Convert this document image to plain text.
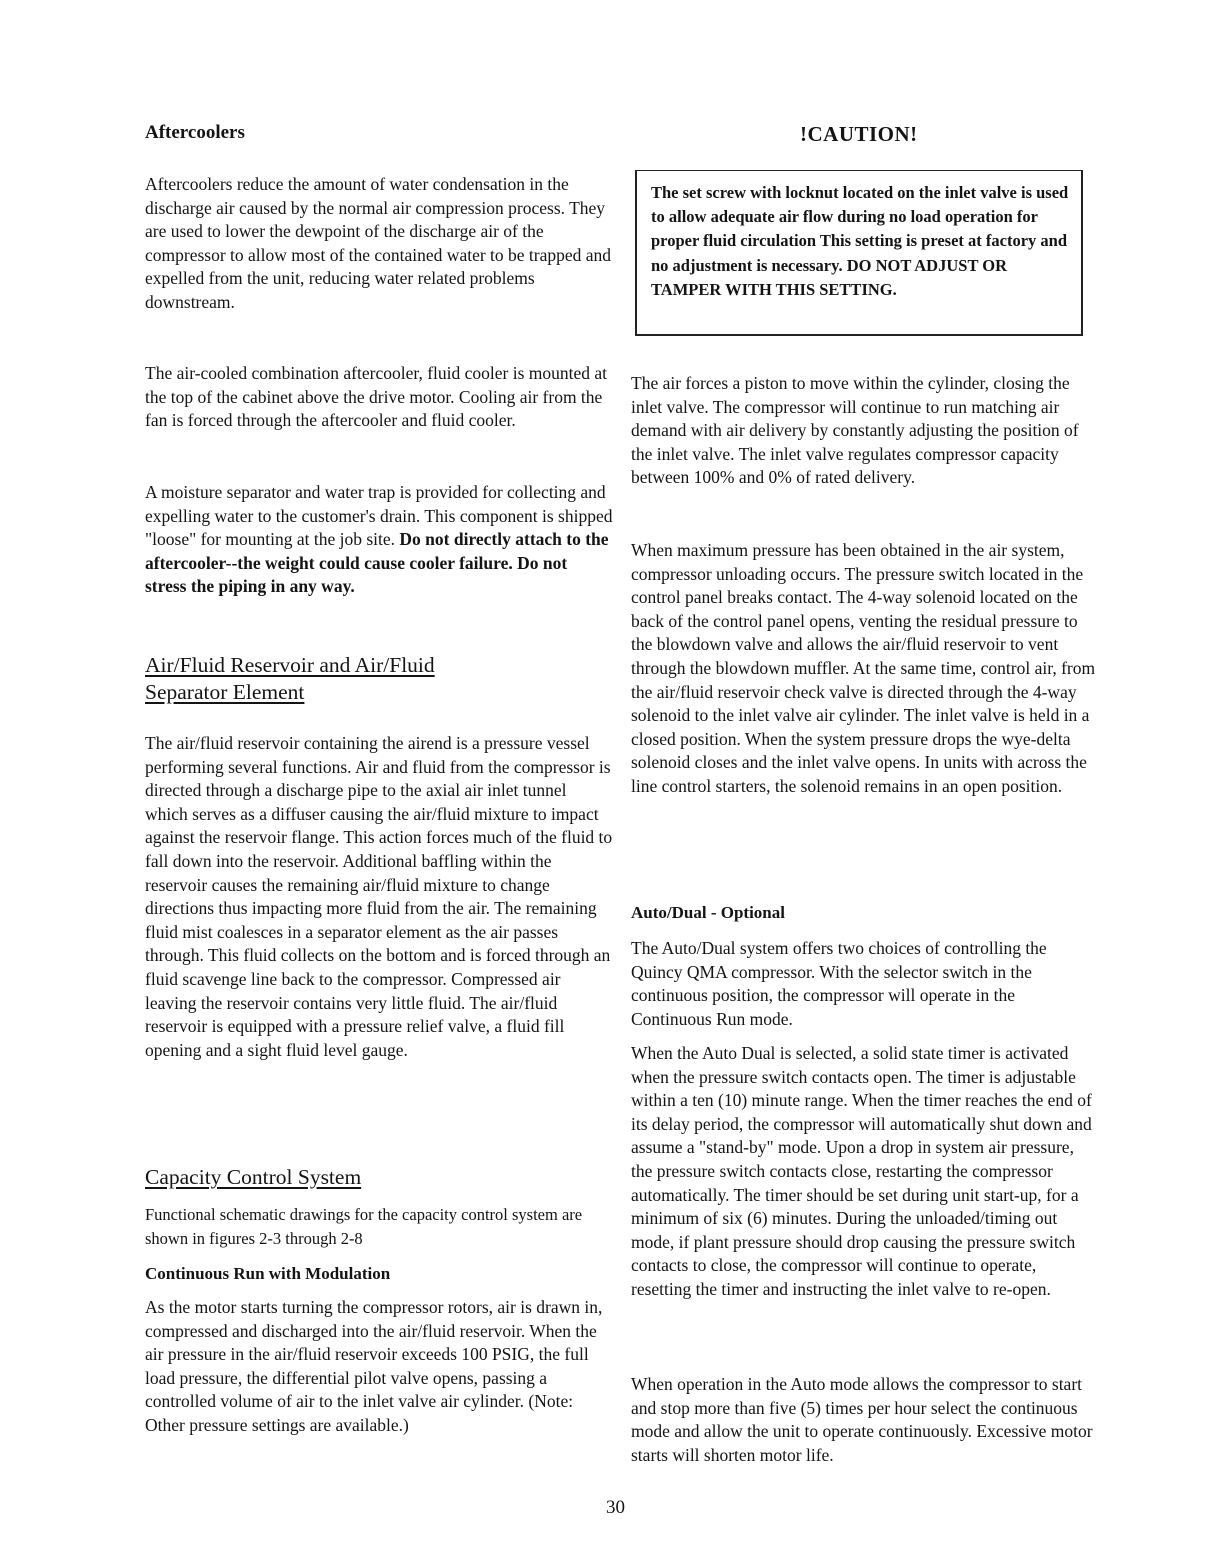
Aftercoolers

Aftercoolers reduce the amount of water condensation in the discharge air caused by the normal air compression process. They are used to lower the dewpoint of the discharge air of the compressor to allow most of the contained water to be trapped and expelled from the unit, reducing water related problems downstream.

The air-cooled combination aftercooler, fluid cooler is mounted at the top of the cabinet above the drive motor. Cooling air from the fan is forced through the aftercooler and fluid cooler.

A moisture separator and water trap is provided for collecting and expelling water to the customer's drain. This component is shipped "loose" for mounting at the job site. Do not directly attach to the aftercooler--the weight could cause cooler failure. Do not stress the piping in any way.

Air/Fluid Reservoir and Air/Fluid
Separator Element

The air/fluid reservoir containing the airend is a pressure vessel performing several functions. Air and fluid from the compressor is directed through a discharge pipe to the axial air inlet tunnel which serves as a diffuser causing the air/fluid mixture to impact against the reservoir flange. This action forces much of the fluid to fall down into the reservoir. Additional baffling within the reservoir causes the remaining air/fluid mixture to change directions thus impacting more fluid from the air. The remaining fluid mist coalesces in a separator element as the air passes through. This fluid collects on the bottom and is forced through an fluid scavenge line back to the compressor. Compressed air leaving the reservoir contains very little fluid. The air/fluid reservoir is equipped with a pressure relief valve, a fluid fill opening and a sight fluid level gauge.

Capacity Control System

Functional schematic drawings for the capacity control system are shown in figures 2-3 through 2-8

Continuous Run with Modulation

As the motor starts turning the compressor rotors, air is drawn in, compressed and discharged into the air/fluid reservoir. When the air pressure in the air/fluid reservoir exceeds 100 PSIG, the full load pressure, the differential pilot valve opens, passing a controlled volume of air to the inlet valve air cylinder. (Note: Other pressure settings are available.)

!CAUTION!

The set screw with locknut located on the inlet valve is used to allow adequate air flow during no load operation for proper fluid circulation This setting is preset at factory and no adjustment is necessary. DO NOT ADJUST OR TAMPER WITH THIS SETTING.

The air forces a piston to move within the cylinder, closing the inlet valve. The compressor will continue to run matching air demand with air delivery by constantly adjusting the position of the inlet valve. The inlet valve regulates compressor capacity between 100% and 0% of rated delivery.

When maximum pressure has been obtained in the air system, compressor unloading occurs. The pressure switch located in the control panel breaks contact. The 4-way solenoid located on the back of the control panel opens, venting the residual pressure to the blowdown valve and allows the air/fluid reservoir to vent through the blowdown muffler. At the same time, control air, from the air/fluid reservoir check valve is directed through the 4-way solenoid to the inlet valve air cylinder. The inlet valve is held in a closed position. When the system pressure drops the wye-delta solenoid closes and the inlet valve opens. In units with across the line control starters, the solenoid remains in an open position.

Auto/Dual - Optional

The Auto/Dual system offers two choices of controlling the Quincy QMA compressor. With the selector switch in the continuous position, the compressor will operate in the Continuous Run mode.

When the Auto Dual is selected, a solid state timer is activated when the pressure switch contacts open. The timer is adjustable within a ten (10) minute range. When the timer reaches the end of its delay period, the compressor will automatically shut down and assume a "stand-by" mode. Upon a drop in system air pressure, the pressure switch contacts close, restarting the compressor automatically. The timer should be set during unit start-up, for a minimum of six (6) minutes. During the unloaded/timing out mode, if plant pressure should drop causing the pressure switch contacts to close, the compressor will continue to operate, resetting the timer and instructing the inlet valve to re-open.

When operation in the Auto mode allows the compressor to start and stop more than five (5) times per hour select the continuous mode and allow the unit to operate continuously. Excessive motor starts will shorten motor life.

30
